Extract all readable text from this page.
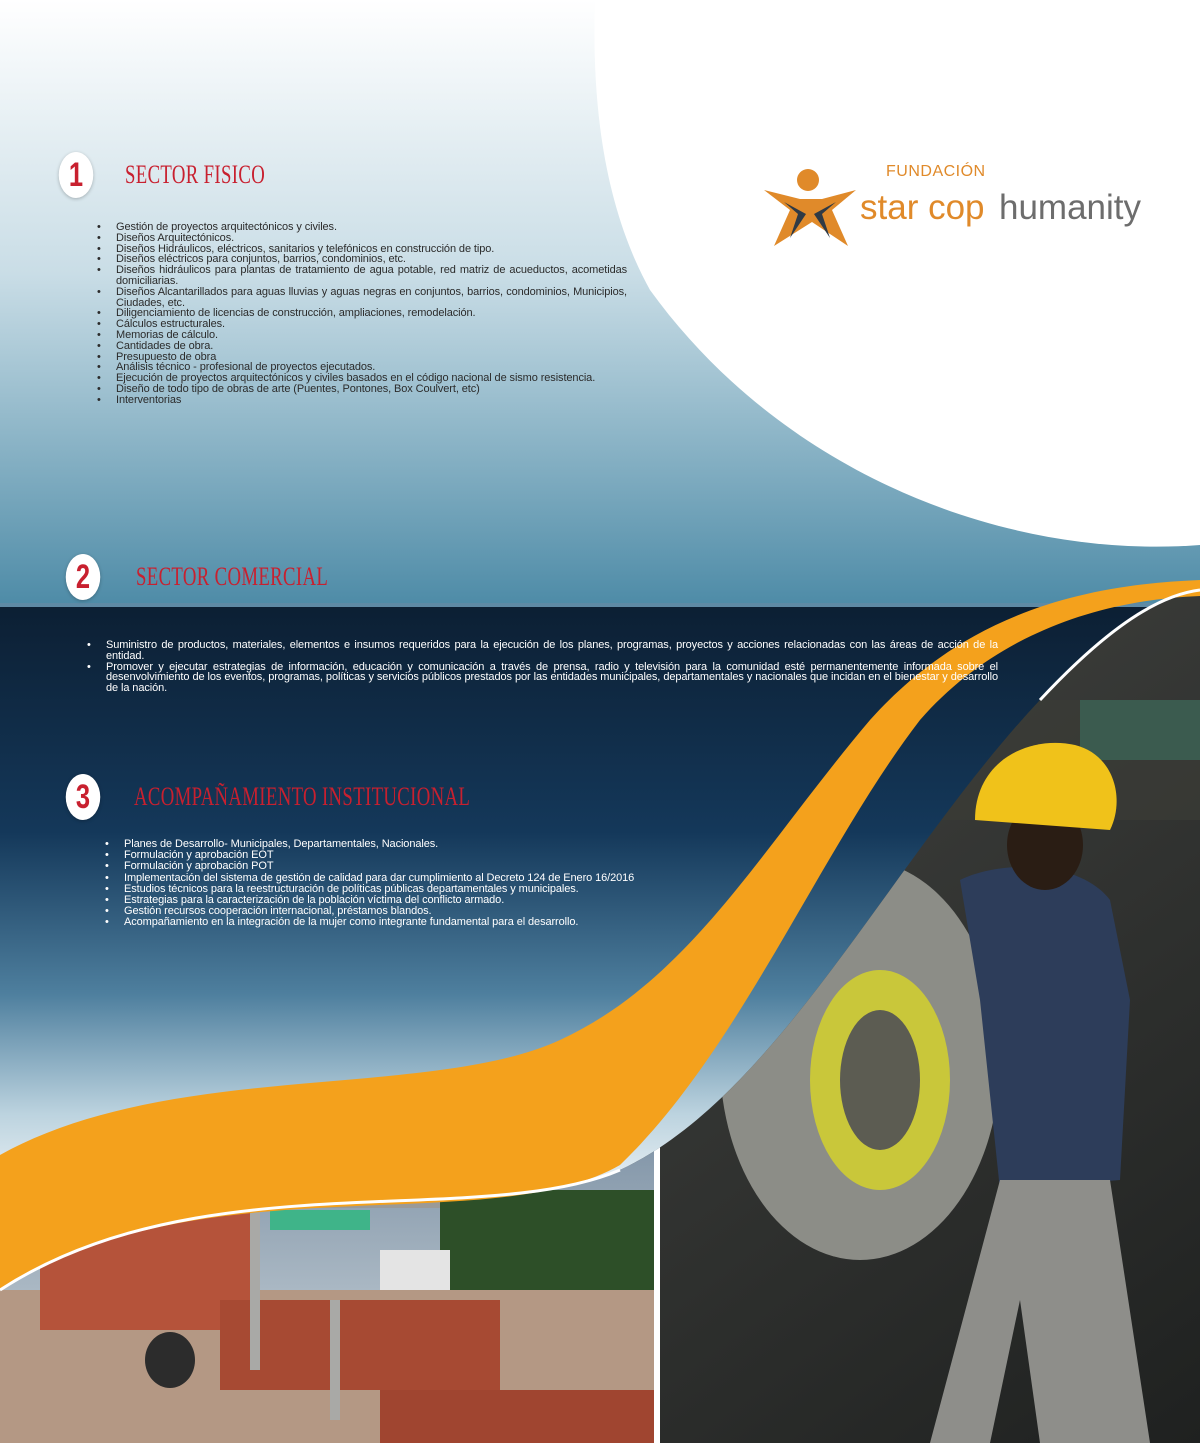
FUNDACIÓN
star cop humanity
1	SECTOR FISICO
• Gestión de proyectos arquitectónicos y civiles.
• Diseños Arquitectónicos.
• Diseños Hidráulicos, eléctricos, sanitarios y telefónicos en construcción de tipo.
• Diseños eléctricos para conjuntos, barrios, condominios, etc.
• Diseños hidráulicos para plantas de tratamiento de agua potable, red matriz de acueductos, acometidas domiciliarias.
• Diseños Alcantarillados para aguas lluvias y aguas negras en conjuntos, barrios, condominios, Municipios, Ciudades, etc.
• Diligenciamiento de licencias de construcción, ampliaciones, remodelación.
• Cálculos estructurales.
• Memorias de cálculo.
• Cantidades de obra.
• Presupuesto de obra
• Análisis técnico - profesional de proyectos ejecutados.
• Ejecución de proyectos arquitectónicos y civiles basados en el código nacional de sismo resistencia.
• Diseño de todo tipo de obras de arte (Puentes, Pontones, Box Coulvert, etc)
• Interventorias
2	SECTOR COMERCIAL
• Suministro de productos, materiales, elementos e insumos requeridos para la ejecución de los planes, programas, proyectos y acciones relacionadas con las áreas de acción de la entidad.
• Promover y ejecutar estrategias de información, educación y comunicación a través de prensa, radio y televisión para la comunidad esté permanentemente informada sobre el desenvolvimiento de los eventos, programas, políticas y servicios públicos prestados por las entidades municipales, departamentales y nacionales que incidan en el bienestar y desarrollo de la nación.
3	ACOMPAÑAMIENTO INSTITUCIONAL
• Planes de Desarrollo- Municipales, Departamentales, Nacionales.
• Formulación y aprobación EOT
• Formulación y aprobación POT
• Implementación del sistema de gestión de calidad para dar cumplimiento al Decreto 124 de Enero 16/2016
• Estudios técnicos para la reestructuración de políticas públicas departamentales y municipales.
• Estrategias para la caracterización de la población víctima del conflicto armado.
• Gestión recursos cooperación internacional, préstamos blandos.
• Acompañamiento en la integración de la mujer como integrante fundamental para el desarrollo.
